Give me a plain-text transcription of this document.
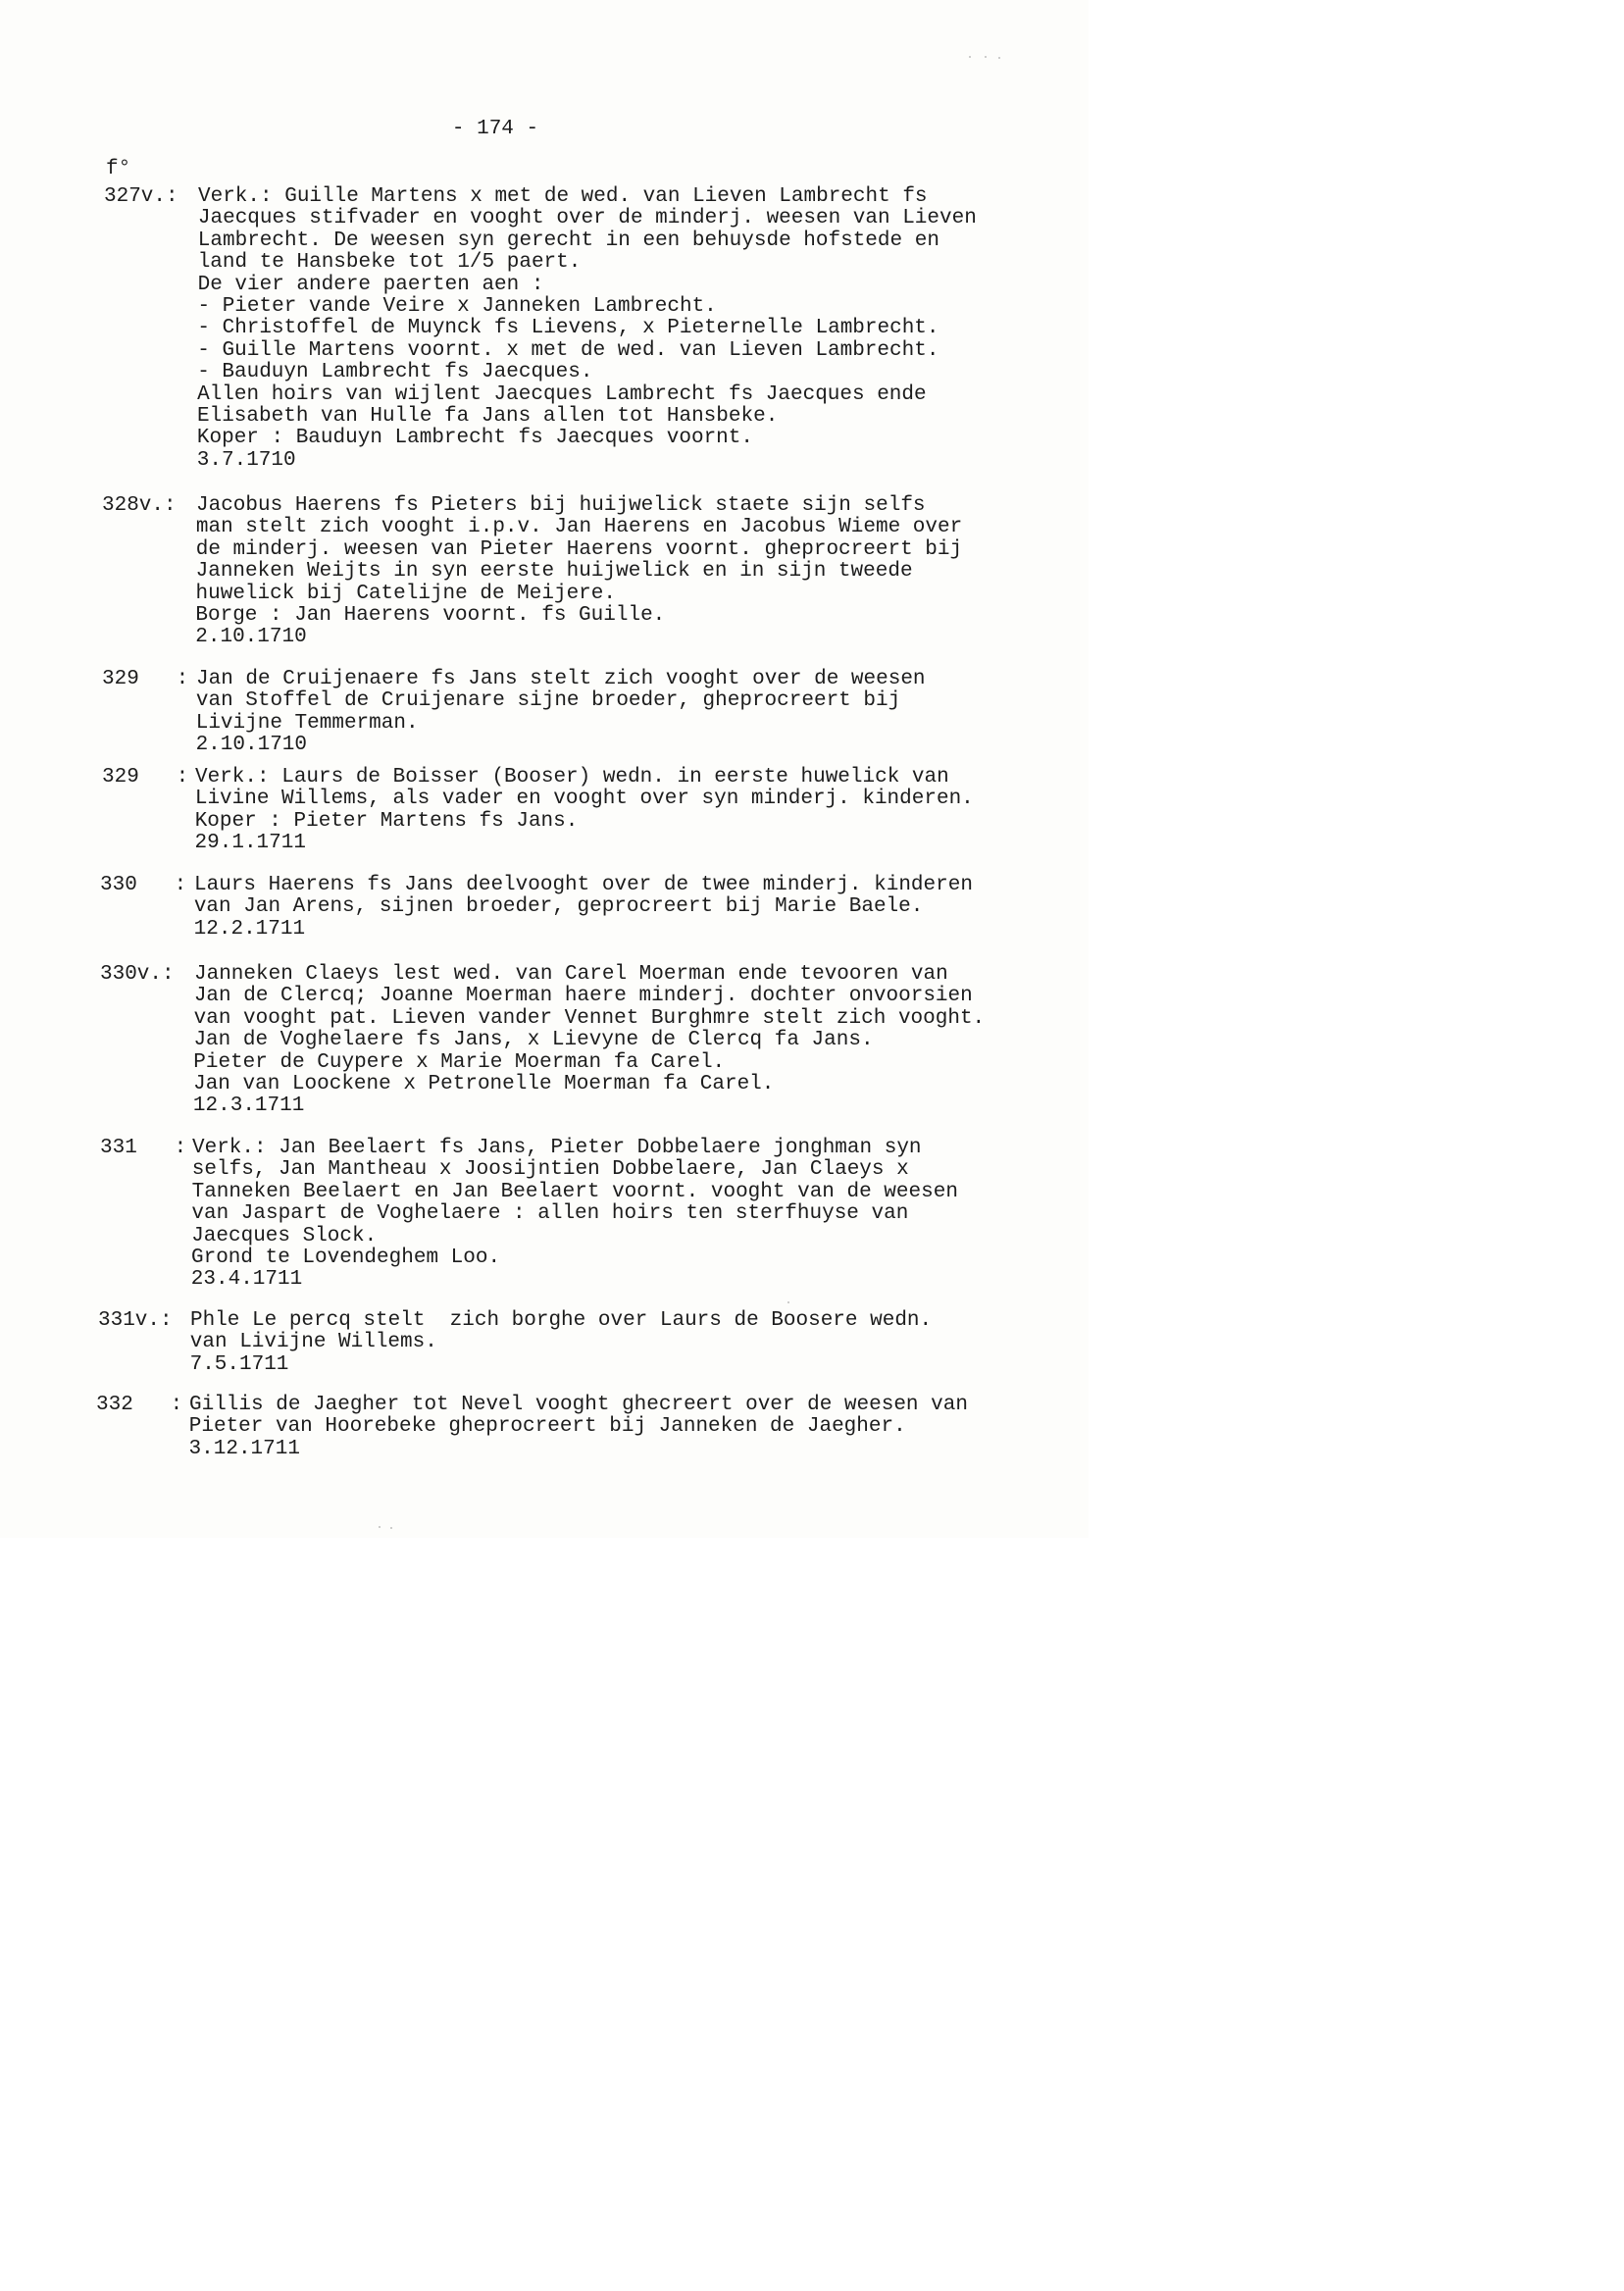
- 174 -
f°
327v.: Verk.: Guille Martens x met de wed. van Lieven Lambrecht fs
Jaecques stifvader en vooght over de minderj. weesen van Lieven
Lambrecht. De weesen syn gerecht in een behuysde hofstede en
land te Hansbeke tot 1/5 paert.
De vier andere paerten aen :
- Pieter vande Veire x Janneken Lambrecht.
- Christoffel de Muynck fs Lievens, x Pieternelle Lambrecht.
- Guille Martens voornt. x met de wed. van Lieven Lambrecht.
- Bauduyn Lambrecht fs Jaecques.
Allen hoirs van wijlent Jaecques Lambrecht fs Jaecques ende
Elisabeth van Hulle fa Jans allen tot Hansbeke.
Koper : Bauduyn Lambrecht fs Jaecques voornt.
3.7.1710
328v.: Jacobus Haerens fs Pieters bij huijwelick staete sijn selfs
man stelt zich vooght i.p.v. Jan Haerens en Jacobus Wieme over
de minderj. weesen van Pieter Haerens voornt. gheprocreert bij
Janneken Weijts in syn eerste huijwelick en in sijn tweede
huwelick bij Catelijne de Meijere.
Borge : Jan Haerens voornt. fs Guille.
2.10.1710
329   : Jan de Cruijenaere fs Jans stelt zich vooght over de weesen
van Stoffel de Cruijenare sijne broeder, gheprocreert bij
Livijne Temmerman.
2.10.1710
329   : Verk.: Laurs de Boisser (Booser) wedn. in eerste huwelick van
Livine Willems, als vader en vooght over syn minderj. kinderen.
Koper : Pieter Martens fs Jans.
29.1.1711
330   : Laurs Haerens fs Jans deelvooght over de twee minderj. kinderen
van Jan Arens, sijnen broeder, geprocreert bij Marie Baele.
12.2.1711
330v.: Janneken Claeys lest wed. van Carel Moerman ende tevooren van
Jan de Clercq; Joanne Moerman haere minderj. dochter onvoorsien
van vooght pat. Lieven vander Vennet Burghmre stelt zich vooght.
Jan de Voghelaere fs Jans, x Lievyne de Clercq fa Jans.
Pieter de Cuypere x Marie Moerman fa Carel.
Jan van Loockene x Petronelle Moerman fa Carel.
12.3.1711
331   : Verk.: Jan Beelaert fs Jans, Pieter Dobbelaere jonghman syn
selfs, Jan Mantheau x Joosijntien Dobbelaere, Jan Claeys x
Tanneken Beelaert en Jan Beelaert voornt. vooght van de weesen
van Jaspart de Voghelaere : allen hoirs ten sterfhuyse van
Jaecques Slock.
Grond te Lovendeghem Loo.
23.4.1711
331v.: Phle Le percq stelt  zich borghe over Laurs de Boosere wedn.
van Livijne Willems.
7.5.1711
332   : Gillis de Jaegher tot Nevel vooght ghecreert over de weesen van
Pieter van Hoorebeke gheprocreert bij Janneken de Jaegher.
3.12.1711
